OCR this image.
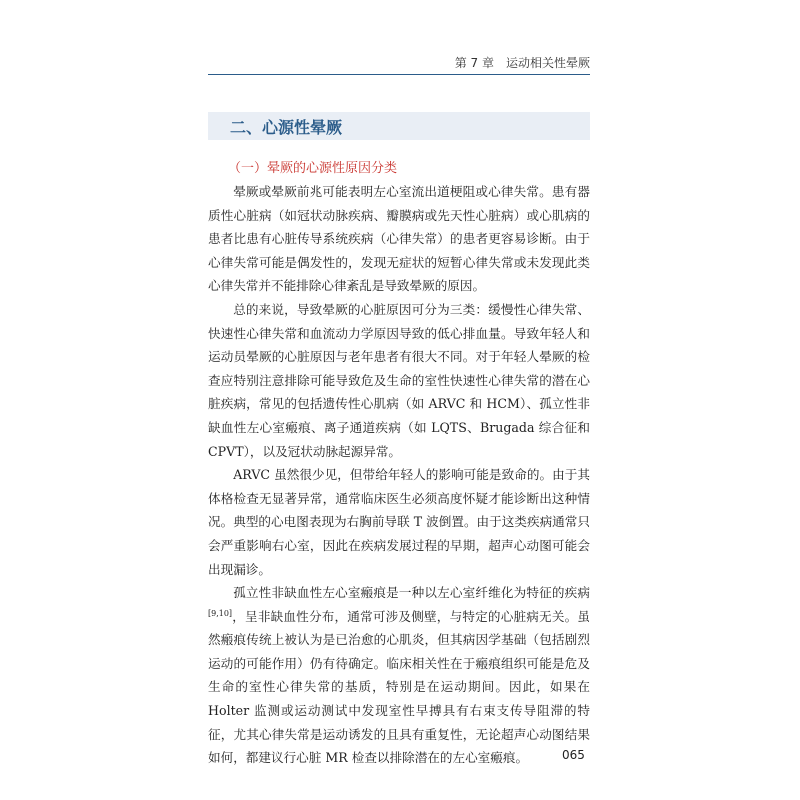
第 7 章 运动相关性晕厥
二、心源性晕厥
（一）晕厥的心源性原因分类

晕厥或晕厥前兆可能表明左心室流出道梗阻或心律失常。患有器质性心脏病（如冠状动脉疾病、瓣膜病或先天性心脏病）或心肌病的患者比患有心脏传导系统疾病（心律失常）的患者更容易诊断。由于心律失常可能是偶发性的，发现无症状的短暂心律失常或未发现此类心律失常并不能排除心律紊乱是导致晕厥的原因。

总的来说，导致晕厥的心脏原因可分为三类：缓慢性心律失常、快速性心律失常和血流动力学原因导致的低心排血量。导致年轻人和运动员晕厥的心脏原因与老年患者有很大不同。对于年轻人晕厥的检查应特别注意排除可能导致危及生命的室性快速性心律失常的潜在心脏疾病，常见的包括遗传性心肌病（如 ARVC 和 HCM）、孤立性非缺血性左心室瘢痕、离子通道疾病（如 LQTS、Brugada 综合征和 CPVT），以及冠状动脉起源异常。

ARVC 虽然很少见，但带给年轻人的影响可能是致命的。由于其体格检查无显著异常，通常临床医生必须高度怀疑才能诊断出这种情况。典型的心电图表现为右胸前导联 T 波倒置。由于这类疾病通常只会严重影响右心室，因此在疾病发展过程的早期，超声心动图可能会出现漏诊。

孤立性非缺血性左心室瘢痕是一种以左心室纤维化为特征的疾病[9,10]，呈非缺血性分布，通常可涉及侧壁，与特定的心脏病无关。虽然瘢痕传统上被认为是已治愈的心肌炎，但其病因学基础（包括剧烈运动的可能作用）仍有待确定。临床相关性在于瘢痕组织可能是危及生命的室性心律失常的基质，特别是在运动期间。因此，如果在 Holter 监测或运动测试中发现室性早搏具有右束支传导阻滞的特征，尤其心律失常是运动诱发的且具有重复性，无论超声心动图结果如何，都建议行心脏 MR 检查以排除潜在的左心室瘢痕。	065
